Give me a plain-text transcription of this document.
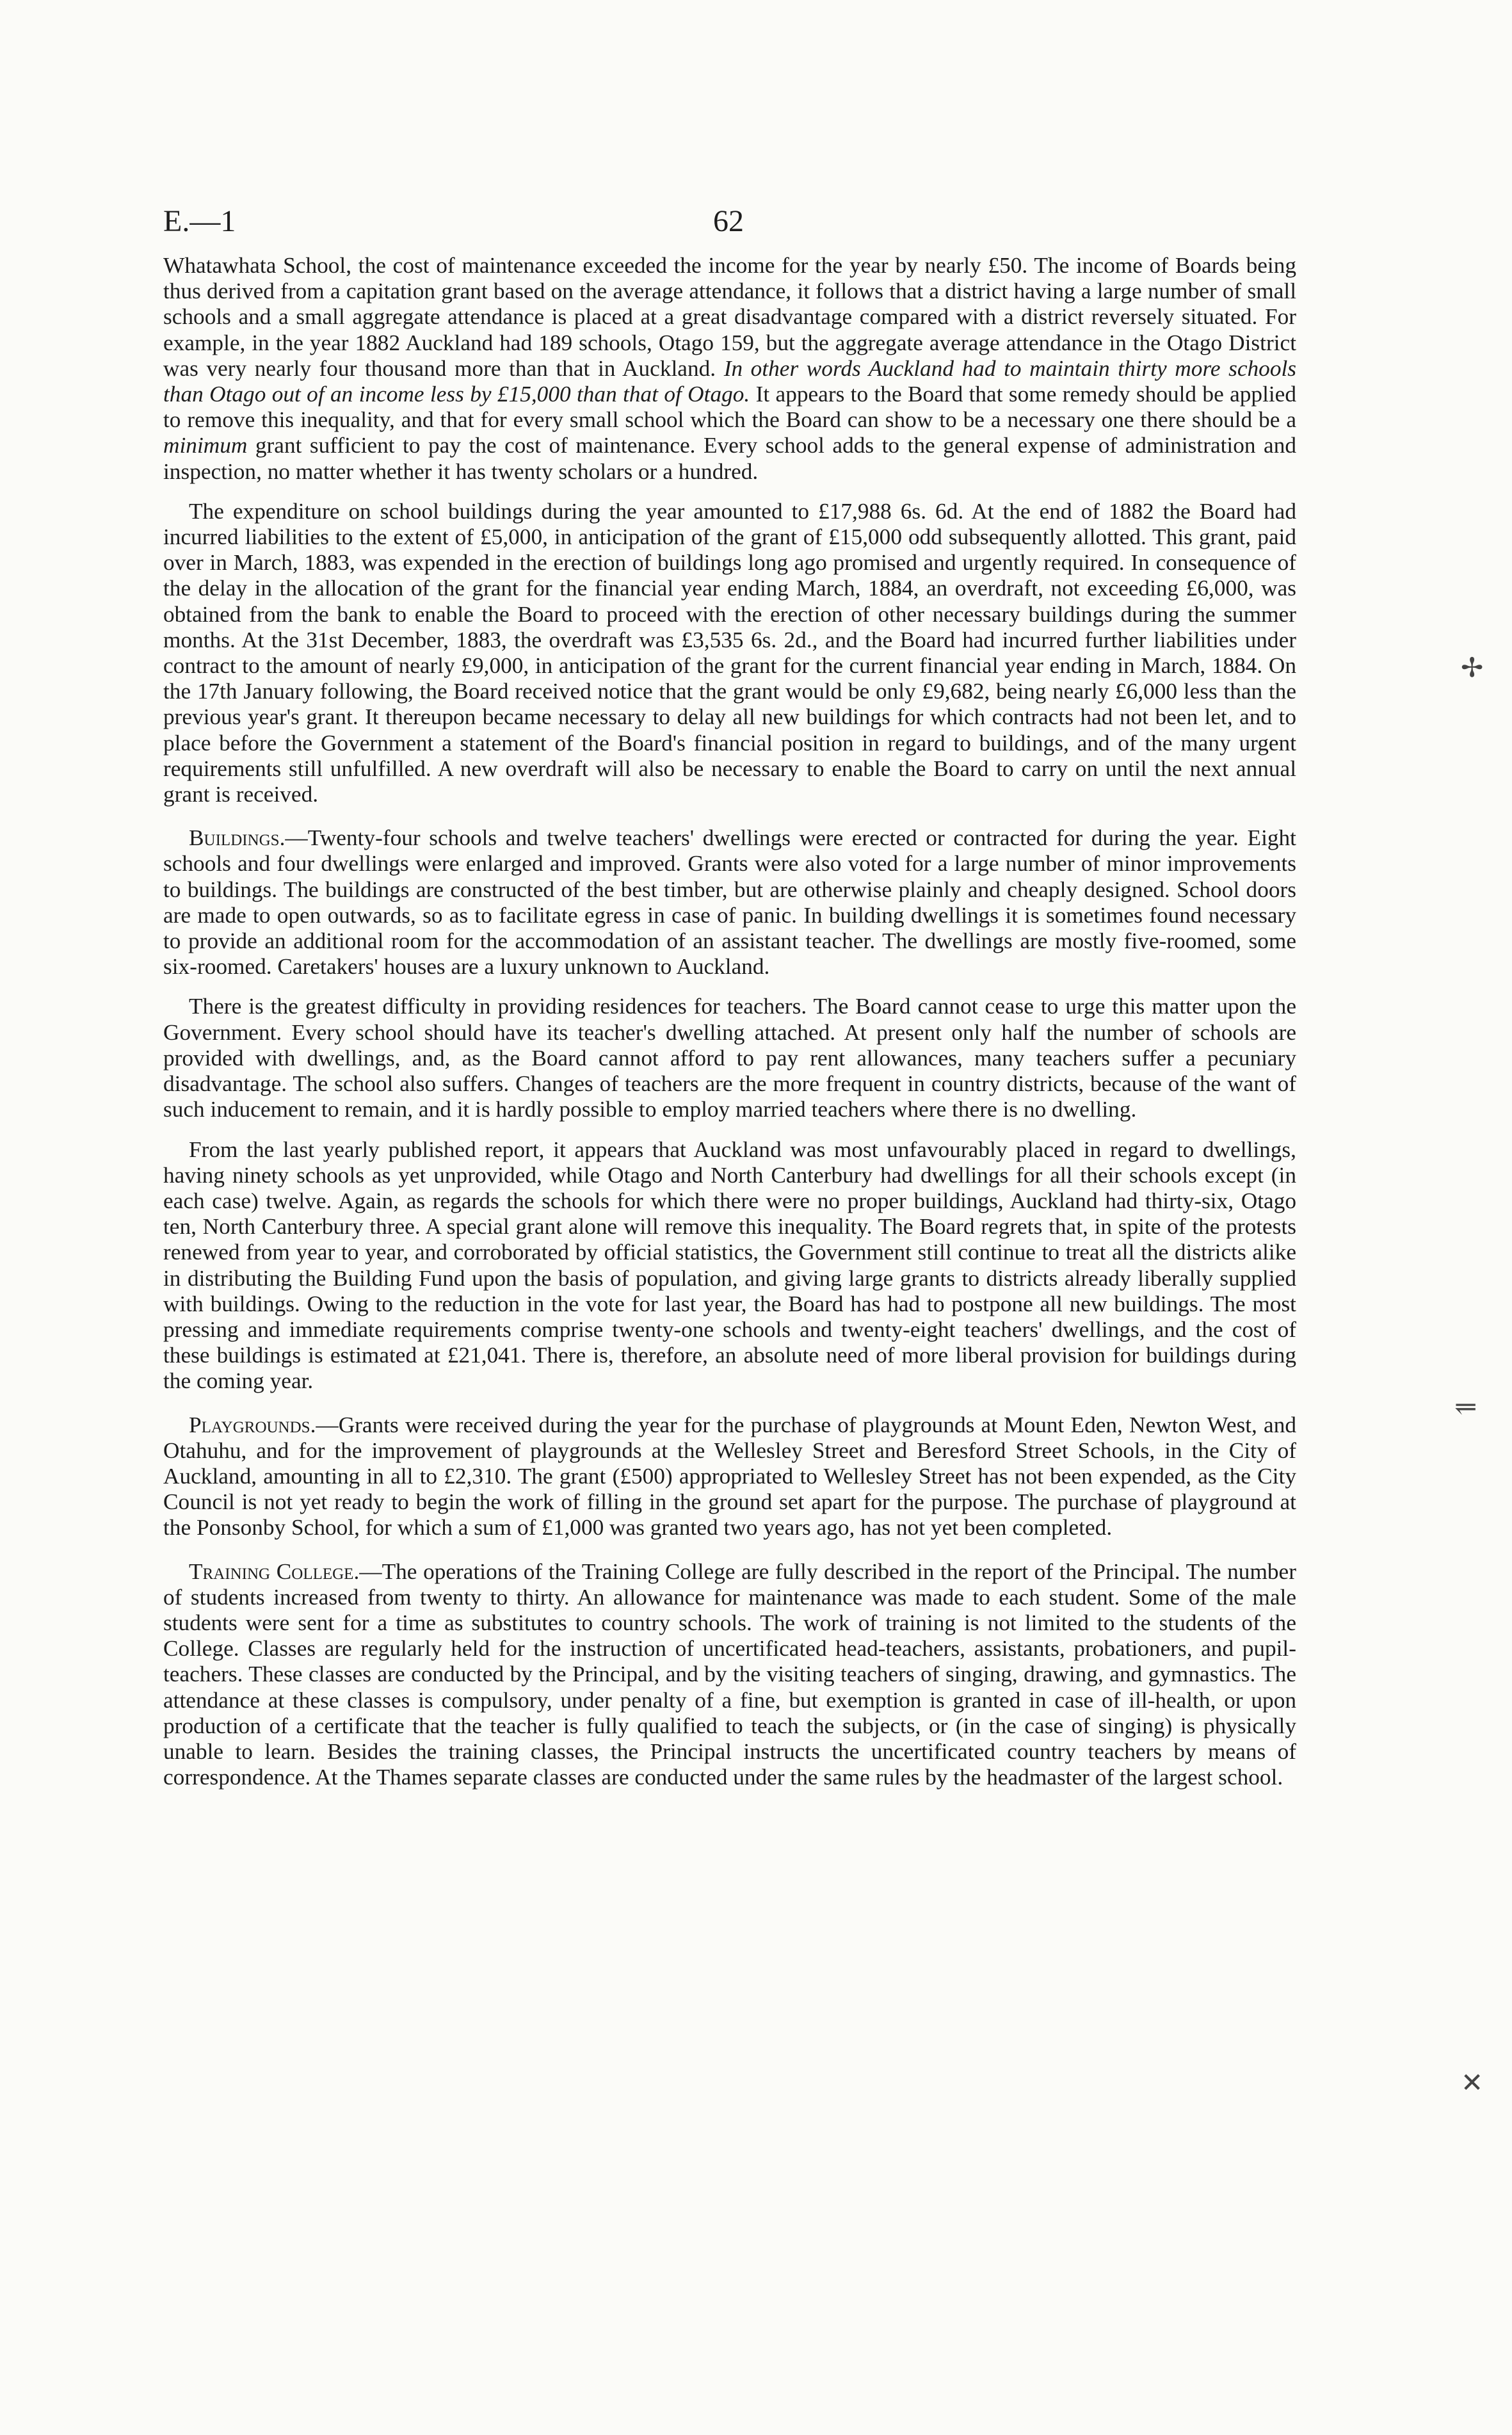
E.—1	62

Whatawhata School, the cost of maintenance exceeded the income for the year by nearly £50. The income of Boards being thus derived from a capitation grant based on the average attendance, it follows that a district having a large number of small schools and a small aggregate attendance is placed at a great disadvantage compared with a district reversely situated. For example, in the year 1882 Auckland had 189 schools, Otago 159, but the aggregate average attendance in the Otago District was very nearly four thousand more than that in Auckland. In other words Auckland had to maintain thirty more schools than Otago out of an income less by £15,000 than that of Otago. It appears to the Board that some remedy should be applied to remove this inequality, and that for every small school which the Board can show to be a necessary one there should be a minimum grant sufficient to pay the cost of maintenance. Every school adds to the general expense of administration and inspection, no matter whether it has twenty scholars or a hundred.

The expenditure on school buildings during the year amounted to £17,988 6s. 6d. At the end of 1882 the Board had incurred liabilities to the extent of £5,000, in anticipation of the grant of £15,000 odd subsequently allotted. This grant, paid over in March, 1883, was expended in the erection of buildings long ago promised and urgently required. In consequence of the delay in the allocation of the grant for the financial year ending March, 1884, an overdraft, not exceeding £6,000, was obtained from the bank to enable the Board to proceed with the erection of other necessary buildings during the summer months. At the 31st December, 1883, the overdraft was £3,535 6s. 2d., and the Board had incurred further liabilities under contract to the amount of nearly £9,000, in anticipation of the grant for the current financial year ending in March, 1884. On the 17th January following, the Board received notice that the grant would be only £9,682, being nearly £6,000 less than the previous year's grant. It thereupon became necessary to delay all new buildings for which contracts had not been let, and to place before the Government a statement of the Board's financial position in regard to buildings, and of the many urgent requirements still unfulfilled. A new overdraft will also be necessary to enable the Board to carry on until the next annual grant is received.

Buildings.—Twenty-four schools and twelve teachers' dwellings were erected or contracted for during the year. Eight schools and four dwellings were enlarged and improved. Grants were also voted for a large number of minor improvements to buildings. The buildings are constructed of the best timber, but are otherwise plainly and cheaply designed. School doors are made to open outwards, so as to facilitate egress in case of panic. In building dwellings it is sometimes found necessary to provide an additional room for the accommodation of an assistant teacher. The dwellings are mostly five-roomed, some six-roomed. Caretakers' houses are a luxury unknown to Auckland.

There is the greatest difficulty in providing residences for teachers. The Board cannot cease to urge this matter upon the Government. Every school should have its teacher's dwelling attached. At present only half the number of schools are provided with dwellings, and, as the Board cannot afford to pay rent allowances, many teachers suffer a pecuniary disadvantage. The school also suffers. Changes of teachers are the more frequent in country districts, because of the want of such inducement to remain, and it is hardly possible to employ married teachers where there is no dwelling.

From the last yearly published report, it appears that Auckland was most unfavourably placed in regard to dwellings, having ninety schools as yet unprovided, while Otago and North Canterbury had dwellings for all their schools except (in each case) twelve. Again, as regards the schools for which there were no proper buildings, Auckland had thirty-six, Otago ten, North Canterbury three. A special grant alone will remove this inequality. The Board regrets that, in spite of the protests renewed from year to year, and corroborated by official statistics, the Government still continue to treat all the districts alike in distributing the Building Fund upon the basis of population, and giving large grants to districts already liberally supplied with buildings. Owing to the reduction in the vote for last year, the Board has had to postpone all new buildings. The most pressing and immediate requirements comprise twenty-one schools and twenty-eight teachers' dwellings, and the cost of these buildings is estimated at £21,041. There is, therefore, an absolute need of more liberal provision for buildings during the coming year.

Playgrounds.—Grants were received during the year for the purchase of playgrounds at Mount Eden, Newton West, and Otahuhu, and for the improvement of playgrounds at the Wellesley Street and Beresford Street Schools, in the City of Auckland, amounting in all to £2,310. The grant (£500) appropriated to Wellesley Street has not been expended, as the City Council is not yet ready to begin the work of filling in the ground set apart for the purpose. The purchase of playground at the Ponsonby School, for which a sum of £1,000 was granted two years ago, has not yet been completed.

Training College.—The operations of the Training College are fully described in the report of the Principal. The number of students increased from twenty to thirty. An allowance for maintenance was made to each student. Some of the male students were sent for a time as substitutes to country schools. The work of training is not limited to the students of the College. Classes are regularly held for the instruction of uncertificated head-teachers, assistants, probationers, and pupil-teachers. These classes are conducted by the Principal, and by the visiting teachers of singing, drawing, and gymnastics. The attendance at these classes is compulsory, under penalty of a fine, but exemption is granted in case of ill-health, or upon production of a certificate that the teacher is fully qualified to teach the subjects, or (in the case of singing) is physically unable to learn. Besides the training classes, the Principal instructs the uncertificated country teachers by means of correspondence. At the Thames separate classes are conducted under the same rules by the headmaster of the largest school.

✢
⥫
✕
